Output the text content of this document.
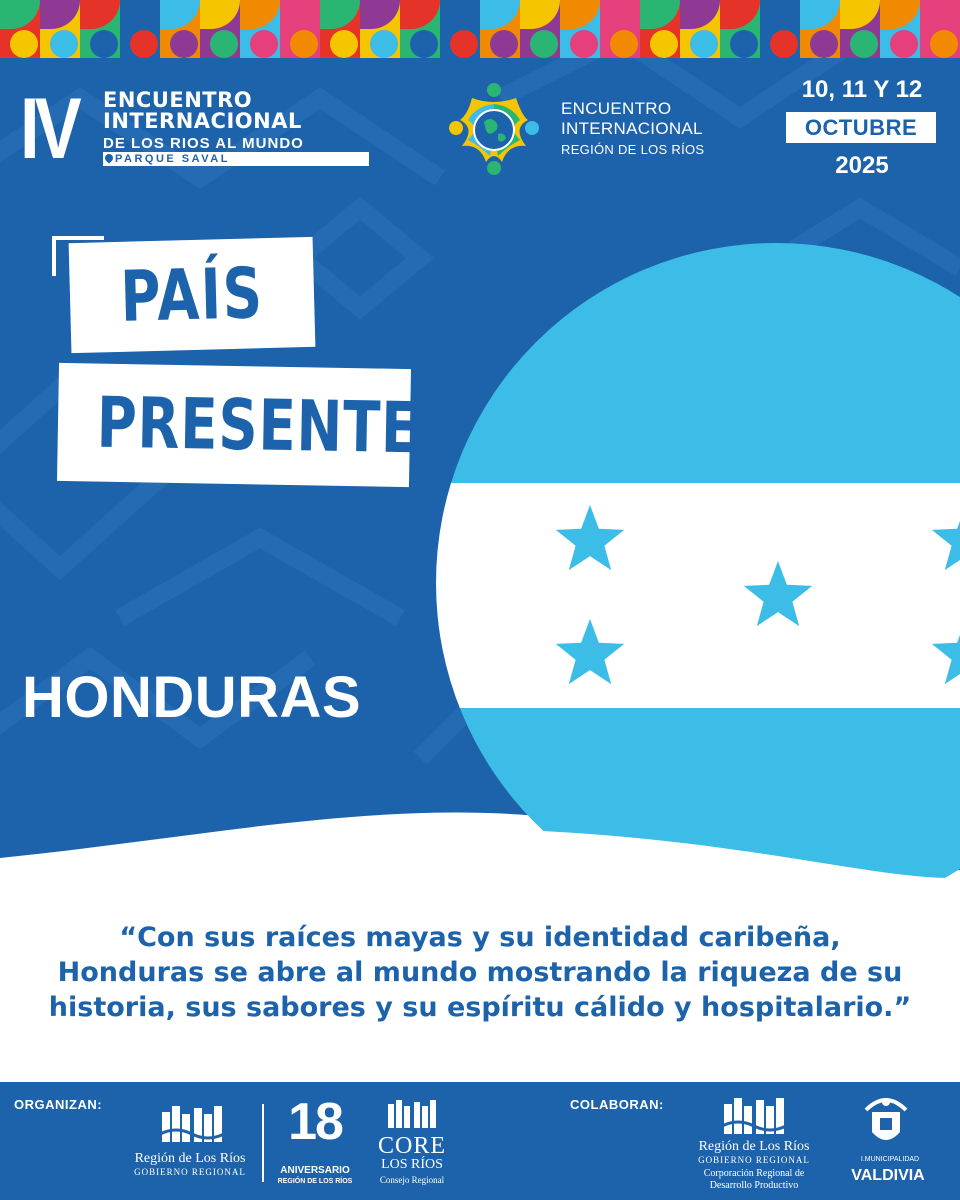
IV ENCUENTRO
INTERNACIONAL
DE LOS RIOS AL MUNDO
PARQUE SAVAL
ENCUENTRO
INTERNACIONAL
REGIÓN DE LOS RÍOS
10, 11 Y 12
OCTUBRE
2025
PAÍS
PRESENTE
HONDURAS
“Con sus raíces mayas y su identidad caribeña,
Honduras se abre al mundo mostrando la riqueza de su
historia, sus sabores y su espíritu cálido y hospitalario.”
ORGANIZAN:	COLABORAN:
Región de Los Ríos
GOBIERNO REGIONAL
18
ANIVERSARIO
REGIÓN DE LOS RÍOS
CORE
LOS RÍOS
Consejo Regional
Región de Los Ríos
GOBIERNO REGIONAL
Corporación Regional de
Desarrollo Productivo
I.MUNICIPALIDAD
VALDIVIA
